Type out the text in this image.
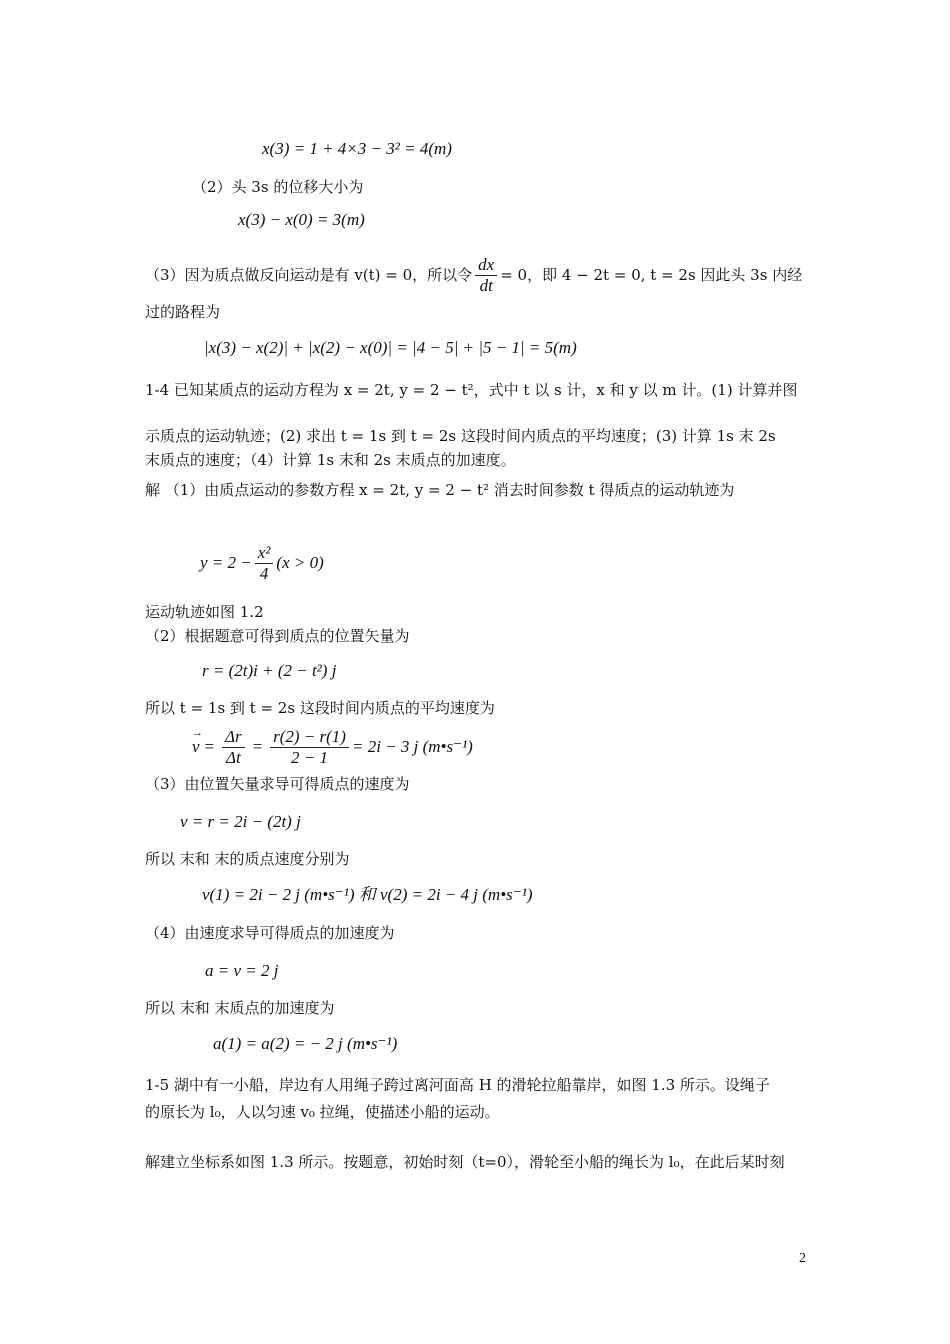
x(3) = 1 + 4×3 − 3² = 4(m)
（2）头 3s 的位移大小为
x(3) − x(0) = 3(m)
（3）因为质点做反向运动是有 v(t) = 0，所以令 $\frac{dx}{dt} = 0$，即 4 − 2t = 0, t = 2s 因此头 3s 内经
过的路程为
|x(3) − x(2)| + |x(2) − x(0)| = |4 − 5| + |5 − 1| = 5(m)
1-4 已知某质点的运动方程为 x = 2t, y = 2 − t²，式中 t 以 s 计，x 和 y 以 m 计。(1) 计算并图
示质点的运动轨迹；(2) 求出 t = 1s 到 t = 2s 这段时间内质点的平均速度；(3) 计算 1s 末 2s
末质点的速度；（4）计算 1s 末和 2s 末质点的加速度。
解 （1）由质点运动的参数方程 x = 2t, y = 2 − t² 消去时间参数 t 得质点的运动轨迹为
$y = 2 - \frac{\text{x²}}{4} (x > 0)$
运动轨迹如图 1.2
（2）根据题意可得到质点的位置矢量为
r = (2t)i + (2 − t²) j
所以 t = 1s 到 t = 2s 这段时间内质点的平均速度为
→ $v = \frac{\Delta r}{\Delta t} = \frac{r(2) - r(1)}{2 - 1} = 2i - 3$ j (m•s⁻¹)
（3）由位置矢量求导可得质点的速度为
v = r = 2i − (2t) j
所以 末和 末的质点速度分别为
v(1) = 2i − 2 j (m•s⁻¹) 和 v(2) = 2i − 4 j (m•s⁻¹)
（4）由速度求导可得质点的加速度为
a = v = 2 j
所以 末和 末质点的加速度为
a(1) = a(2) = − 2 j (m•s⁻¹)
1-5 湖中有一小船，岸边有人用绳子跨过离河面高 H 的滑轮拉船靠岸，如图 1.3 所示。设绳子
的原长为 l₀，人以匀速 v₀ 拉绳，使描述小船的运动。
解建立坐标系如图 1.3 所示。按题意，初始时刻（t=0），滑轮至小船的绳长为 l₀，在此后某时刻
2
